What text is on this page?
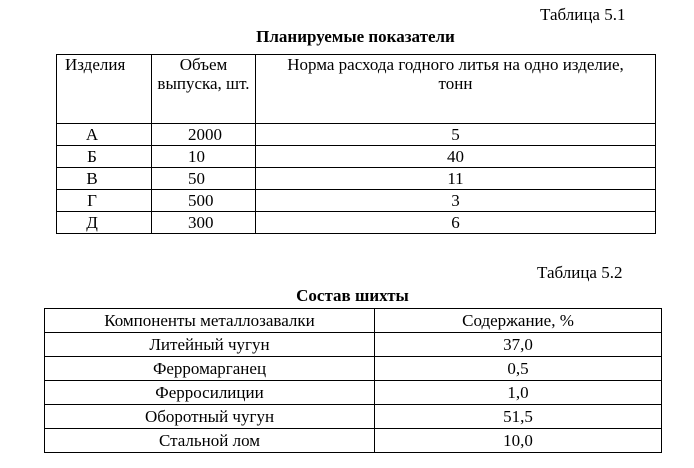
Таблица 5.1
Планируемые показатели
Изделия	Объем выпуска, шт.	Норма расхода годного литья на одно изделие, тонн
А	2000	5
Б	10	40
В	50	11
Г	500	3
Д	300	6
Таблица 5.2
Состав шихты
Компоненты металлозавалки	Содержание, %
Литейный чугун	37,0
Ферромарганец	0,5
Ферросилиции	1,0
Оборотный чугун	51,5
Стальной лом	10,0
